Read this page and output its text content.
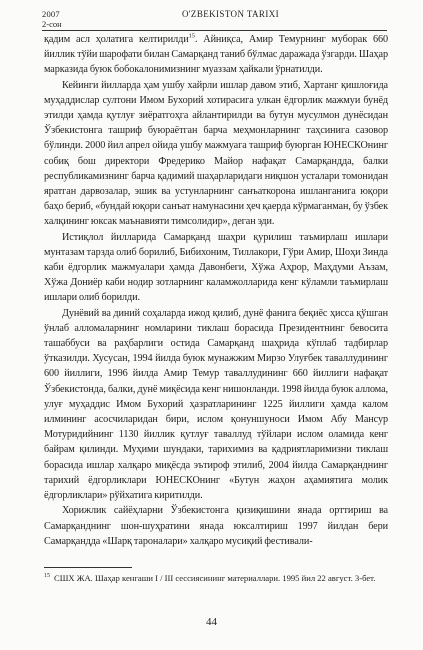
2007
2-сон
O'ZBEKISTON TARIXI

қадим асл ҳолатига келтирилди$^{15}$. Айниқса, Амир Темурнинг муборак 660 йиллик тўйи шарофати билан Самарқанд таниб бўлмас даражада ўзгарди. Шаҳар марказида буюк бобокалонимизнинг муаззам ҳайкали ўрнатилди.

Кейинги йилларда ҳам ушбу хайрли ишлар давом этиб, Хартанг қишлоғида муҳаддислар султони Имом Бухорий хотирасига улкан ёдгорлик мажмуи бунёд этилди ҳамда қутлуғ зиёратгоҳга айлантирилди ва бутун мусулмон дунёсидан Ўзбекистонга ташриф буюраётган барча меҳмонларнинг таҳсинига сазовор бўлинди. 2000 йил апрел ойида ушбу мажмуага ташриф буюрган ЮНЕСКОнинг собиқ бош директори Фредерико Майор нафақат Самарқандда, балки республикамизнинг барча қадимий шаҳарларидаги ниқшон усталари томонидан яратган дарвозалар, эшик ва устунларнинг санъаткорона ишланганига юқори баҳо бериб, «бундай юқори санъат намунасини ҳеч қаерда кўрмаганман, бу ўзбек халқининг юксак маънавияти тимсолидир», деган эди.

Истиқлол йилларида Самарқанд шаҳри қурилиш таъмирлаш ишлари мунтазам тарзда олиб борилиб, Бибихоним, Тиллакори, Гўри Амир, Шоҳи Зинда каби ёдгорлик мажмуалари ҳамда Давонбеги, Хўжа Аҳрор, Маҳдуми Аъзам, Хўжа Дониёр каби нодир зотларнинг каламжолларида кенг кўламли таъмирлаш ишлари олиб борилди.

Дунёвий ва диний соҳаларда ижод қилиб, дунё фанига беқиёс ҳисса қўшган ўнлаб алломаларнинг номларини тиклаш борасида Президентнинг бевосита ташаббуси ва раҳбарлиги остида Самарқанд шаҳрида кўплаб тадбирлар ўтказилди. Хусусан, 1994 йилда буюк мунажжим Мирзо Улуғбек таваллудининг 600 йиллиги, 1996 йилда Амир Темур таваллудининг 660 йиллиги нафақат Ўзбекистонда, балки, дунё миқёсида кенг нишонланди. 1998 йилда буюк аллома, улуғ муҳаддис Имом Бухорий ҳазратларининг 1225 йиллиги ҳамда калом илмининг асосчиларидан бири, ислом қонуншуноси Имом Абу Мансур Мотуридийнинг 1130 йиллик қутлуғ таваллуд тўйлари ислом оламида кенг байрам қилинди. Муҳими шундаки, тарихимиз ва қадриятларимизни тиклаш борасида ишлар халқаро миқёсда эътироф этилиб, 2004 йилда Самарқанднинг тарихий ёдгорликлари ЮНЕСКОнинг «Бутун жаҳон аҳамиятига молик ёдгорликлари» рўйхатига киритилди.

Хорижлик сайёҳларни Ўзбекистонга қизиқишини янада орттириш ва Самарқанднинг шон-шуҳратини янада юксалтириш 1997 йилдан бери Самарқандда «Шарқ тароналари» халқаро мусиқий фестивали-

$^{15}$ СШХ ЖА. Шаҳар кенгаши I / III сессиясининг материаллари. 1995 йил 22 август. 3-бет.
44
